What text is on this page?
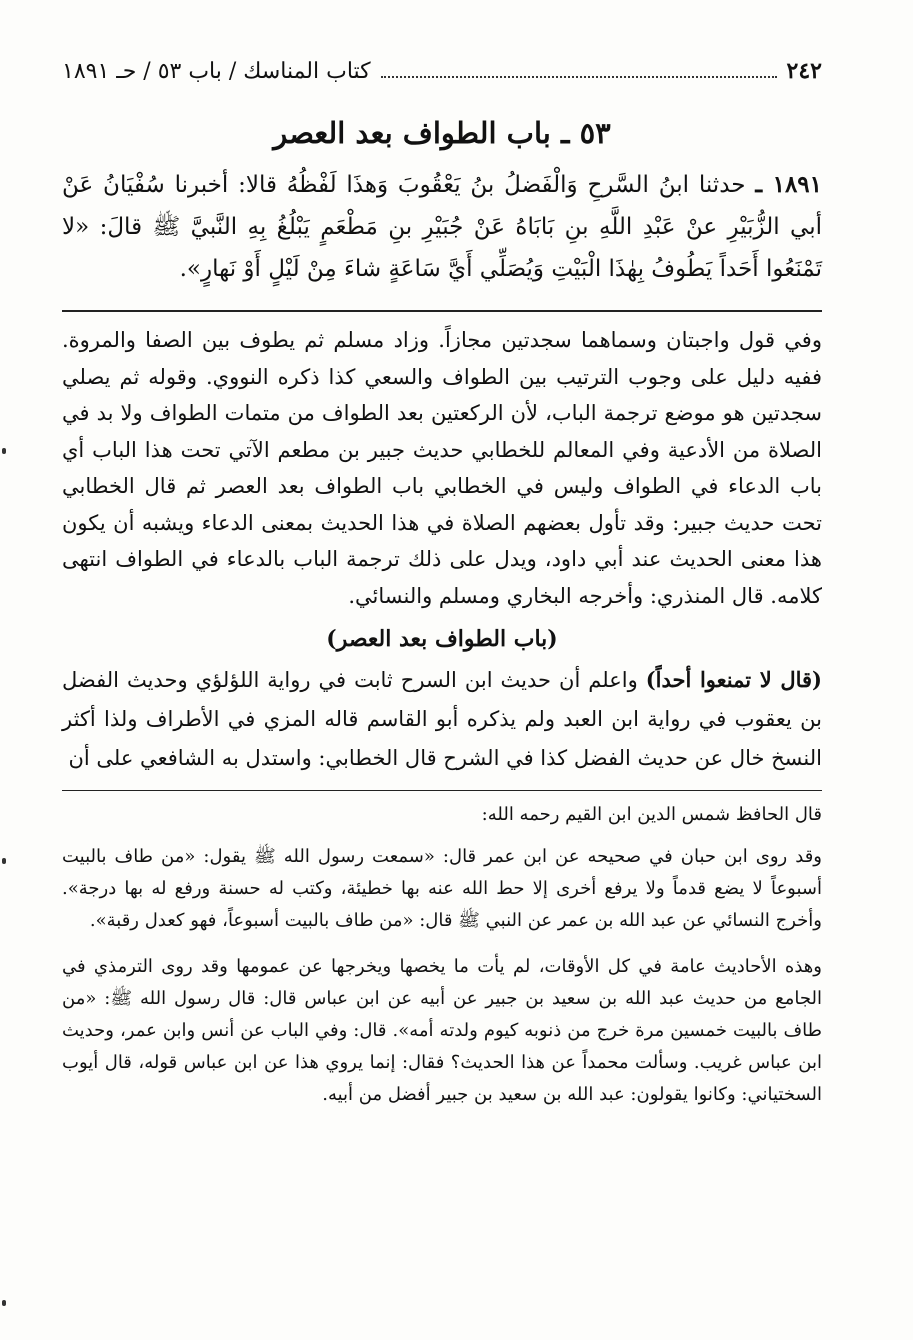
٢٤٢
كتاب المناسك / باب ٥٣ / حـ ١٨٩١
٥٣ ـ باب الطواف بعد العصر

١٨٩١ ـ حدثنا ابنُ السَّرحِ وَالْفَضلُ بنُ يَعْقُوبَ وَهذَا لَفْظُهُ قالا: أخبرنا سُفْيَانُ عَنْ أبي الزُّبَيْرِ عنْ عَبْدِ اللَّهِ بنِ بَابَاهُ عَنْ جُبَيْرِ بنِ مَطْعَمٍ يَبْلُغُ بِهِ النَّبيَّ ﷺ قالَ: «لا تَمْنَعُوا أَحَداً يَطُوفُ بِهٰذَا الْبَيْتِ وَيُصَلِّي أَيَّ سَاعَةٍ شاءَ مِنْ لَيْلٍ أَوْ نَهارٍ».

وفي قول واجبتان وسماهما سجدتين مجازاً. وزاد مسلم ثم يطوف بين الصفا والمروة. ففيه دليل على وجوب الترتيب بين الطواف والسعي كذا ذكره النووي. وقوله ثم يصلي سجدتين هو موضع ترجمة الباب، لأن الركعتين بعد الطواف من متمات الطواف ولا بد في الصلاة من الأدعية وفي المعالم للخطابي حديث جبير بن مطعم الآتي تحت هذا الباب أي باب الدعاء في الطواف وليس في الخطابي باب الطواف بعد العصر ثم قال الخطابي تحت حديث جبير: وقد تأول بعضهم الصلاة في هذا الحديث بمعنى الدعاء ويشبه أن يكون هذا معنى الحديث عند أبي داود، ويدل على ذلك ترجمة الباب بالدعاء في الطواف انتهى كلامه. قال المنذري: وأخرجه البخاري ومسلم والنسائي.

(باب الطواف بعد العصر)

(قال لا تمنعوا أحداً) واعلم أن حديث ابن السرح ثابت في رواية اللؤلؤي وحديث الفضل بن يعقوب في رواية ابن العبد ولم يذكره أبو القاسم قاله المزي في الأطراف ولذا أكثر النسخ خال عن حديث الفضل كذا في الشرح قال الخطابي: واستدل به الشافعي على أن

قال الحافظ شمس الدين ابن القيم رحمه الله:

وقد روى ابن حبان في صحيحه عن ابن عمر قال: «سمعت رسول الله ﷺ يقول: «من طاف بالبيت أسبوعاً لا يضع قدماً ولا يرفع أخرى إلا حط الله عنه بها خطيئة، وكتب له حسنة ورفع له بها درجة». وأخرج النسائي عن عبد الله بن عمر عن النبي ﷺ قال: «من طاف بالبيت أسبوعاً، فهو كعدل رقبة».

وهذه الأحاديث عامة في كل الأوقات، لم يأت ما يخصها ويخرجها عن عمومها وقد روى الترمذي في الجامع من حديث عبد الله بن سعيد بن جبير عن أبيه عن ابن عباس قال: قال رسول الله ﷺ: «من طاف بالبيت خمسين مرة خرج من ذنوبه كيوم ولدته أمه». قال: وفي الباب عن أنس وابن عمر، وحديث ابن عباس غريب. وسألت محمداً عن هذا الحديث؟ فقال: إنما يروي هذا عن ابن عباس قوله، قال أيوب السختياني: وكانوا يقولون: عبد الله بن سعيد بن جبير أفضل من أبيه.
